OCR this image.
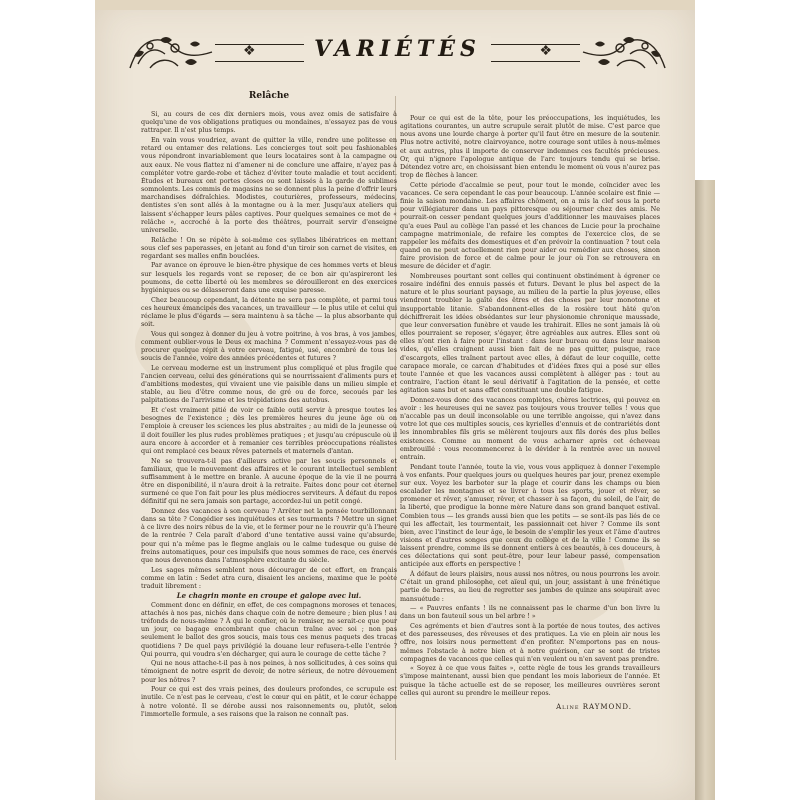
❖	❖
VARIÉTÉS
Relâche

Si, au cours de ces dix derniers mois, vous avez omis de satisfaire à quelqu'une de vos obligations pratiques ou mondaines, n'essayez pas de vous rattraper. Il n'est plus temps.

En vain vous voudriez, avant de quitter la ville, rendre une politesse en retard ou entamer des relations. Les concierges tout soit peu fashionables vous répondront invariablement que leurs locataires sont à la campagne ou aux eaux. Ne vous flattez ni d'amener ni de conclure une affaire, n'ayez pas à compléter votre garde-robe et tâchez d'éviter toute maladie et tout accident. Études et bureaux ont portes closes ou sont laissés à la garde de sublimes somnolents. Les commis de magasins ne se donnent plus la peine d'offrir leurs marchandises défraîchies. Modistes, couturières, professeurs, médecins, dentistes s'en sont allés à la montagne ou à la mer. Jusqu'aux ateliers qui laissent s'échapper leurs pâles captives. Pour quelques semaines ce mot de « relâche », accroché à la porte des théâtres, pourrait servir d'enseigne universelle.

Relâche ! On se répète à soi-même ces syllabes libératrices en mettant sous clef ses paperasses, en jetant au fond d'un tiroir son carnet de visites, en regardant ses malles enfin bouclées.

Par avance on éprouve le bien-être physique de ces hommes verts et bleus sur lesquels les regards vont se reposer, de ce bon air qu'aspireront les poumons, de cette liberté où les membres se dérouilleront en des exercices hygiéniques ou se délasseront dans une exquise paresse.

Chez beaucoup cependant, la détente ne sera pas complète, et parmi tous ces heureux émancipés des vacances, un travailleur — le plus utile et celui qui réclame le plus d'égards — sera maintenu à sa tâche — la plus absorbante qui soit.

Vous qui songez à donner du jeu à votre poitrine, à vos bras, à vos jambes, comment oublier-vous le Deus ex machina ? Comment n'essayez-vous pas de procurer quelque répit à votre cerveau, fatigué, usé, encombré de tous les soucis de l'année, voire des années précédentes et futures ?

Le cerveau moderne est un instrument plus compliqué et plus fragile que l'ancien cerveau, celui des générations qui se nourrissaient d'aliments purs et d'ambitions modestes, qui vivaient une vie paisible dans un milieu simple et stable, au lieu d'être comme nous, de gré ou de force, secoués par les palpitations de l'arrivisme et les trépidations des autobus.

Et c'est vraiment pitié de voir ce faible outil servir à presque toutes les besognes de l'existence ; dès les premières heures du jeune âge où on l'emploie à creuser les sciences les plus abstraites ; au midi de la jeunesse où il doit fouiller les plus rudes problèmes pratiques ; et jusqu'au crépuscule où il aura encore à accorder et à remanier ces terribles préoccupations réalistes qui ont remplacé ces beaux rêves paternels et maternels d'antan.

Ne se trouvera-t-il pas d'ailleurs active par les soucis personnels et familiaux, que le mouvement des affaires et le courant intellectuel semblent suffisamment à le mettre en branle. À aucune époque de la vie il ne pourra être en disponibilité, il n'aura droit à la retraite. Faites donc pour cet éternel surmené ce que l'on fait pour les plus médiocres serviteurs. À défaut du repos définitif qui ne sera jamais son partage, accordez-lui un petit congé.

Donnez des vacances à son cerveau ? Arrêter net la pensée tourbillonnant dans sa tête ? Congédier ses inquiétudes et ses tourments ? Mettre un signet à ce livre des noirs rébus de la vie, et le fermer pour ne le rouvrir qu'à l'heure de la rentrée ? Cela paraît d'abord d'une tentative aussi vaine qu'absurde, pour qui n'a même pas le flegme anglais ou le calme tudesque ou guise de freins automatiques, pour ces impulsifs que nous sommes de race, ces énervés que nous devenons dans l'atmosphère excitante du siècle.

Les sages mêmes semblent nous décourager de cet effort, en français comme en latin : Sedet atra cura, disaient les anciens, maxime que le poète traduit librement :

Le chagrin monte en croupe et galope avec lui.

Comment donc en définir, en effet, de ces compagnons moroses et tenaces, attachés à nos pas, nichés dans chaque coin de notre demeure ; bien plus ! au tréfonds de nous-même ? À qui le confier, où le remiser, ne serait-ce que pour un jour, ce bagage encombrant que chacun traîne avec soi ; non pas seulement le ballot des gros soucis, mais tous ces menus paquets des tracas quotidiens ? De quel pays privilégié la douane leur refusera-t-elle l'entrée ? Qui pourra, qui voudra s'en décharger, qui aura le courage de cette tâche ?

Qui ne nous attache-t-il pas à nos peines, à nos sollicitudes, à ces soins qui témoignent de notre esprit de devoir, de notre sérieux, de notre dévouement pour les nôtres ?

Pour ce qui est des vrais peines, des douleurs profondes, ce scrupule est inutile. Ce n'est pas le cerveau, c'est le cœur qui en pâtit, et le cœur échappe à notre volonté. Il se dérobe aussi nos raisonnements ou, plutôt, selon l'immortelle formule, a ses raisons que la raison ne connaît pas.

Pour ce qui est de la tête, pour les préoccupations, les inquiétudes, les agitations courantes, un autre scrupule serait plutôt de mise. C'est parce que nous avons une lourde charge à porter qu'il faut être en mesure de la soutenir. Plus notre activité, notre clairvoyance, notre courage sont utiles à nous-mêmes et aux autres, plus il importe de conserver indemnes ces facultés précieuses. Or, qui n'ignore l'apologue antique de l'arc toujours tendu qui se brise. Détendez votre arc, en choisissant bien entendu le moment où vous n'aurez pas trop de flèches à lancer.

Cette période d'accalmie se peut, pour tout le monde, coïncider avec les vacances. Ce sera cependant le cas pour beaucoup. L'année scolaire est finie — finie la saison mondaine. Les affaires chôment, on a mis la clef sous la porte pour villégiaturer dans un pays pittoresque ou séjourner chez des amis. Ne pourrait-on cesser pendant quelques jours d'additionner les mauvaises places qu'a eues Paul au collège l'an passé et les chances de Lucie pour la prochaine campagne matrimoniale, de refaire les comptes de l'exercice clos, de se rappeler les méfaits des domestiques et d'en prévoir la continuation ? tout cela quand on ne peut actuellement rien pour aider ou remédier aux choses, sinon faire provision de force et de calme pour le jour où l'on se retrouvera en mesure de décider et d'agir.

Nombreuses pourtant sont celles qui continuent obstinément à égrener ce rosaire indéfini des ennuis passés et futurs. Devant le plus bel aspect de la nature et le plus souriant paysage, au milieu de la partie la plus joyeuse, elles viendront troubler la gaîté des êtres et des choses par leur monotone et insupportable litanie. S'abandonnent-elles de la rosière tout hâté qu'on déchiffrerait les idées obsédantes sur leur physionomie chronique maussade, que leur conversation funèbre et vaude les trahirait. Elles ne sont jamais là où elles pourraient se reposer, s'égayer, être agréables aux autres. Elles sont où elles n'ont rien à faire pour l'instant : dans leur bureau ou dans leur maison vides, qu'elles craignent aussi bien fait de ne pas quitter, puisque, race d'escargots, elles traînent partout avec elles, à défaut de leur coquille, cette carapace morale, ce carcan d'habitudes et d'idées fixes qui a posé sur elles toute l'année et que les vacances aussi complètent à alléger pas : tout au contraire, l'action étant le seul dérivatif à l'agitation de la pensée, et cette agitation sans but et sans effet constituant une double fatigue.

Donnez-vous donc des vacances complètes, chères lectrices, qui pouvez en avoir : les heureuses qui ne savez pas toujours vous trouver telles ! vous que n'accable pas un deuil inconsolable ou une terrible angoisse, qui n'avez dans votre lot que ces multiples soucis, ces kyrielles d'ennuis et de contrariétés dont les innombrables fils gris se mêlèrent toujours aux fils dorés des plus belles existences. Comme au moment de vous acharner après cet écheveau embrouillé : vous recommencerez à le dévider à la rentrée avec un nouvel entrain.

Pendant toute l'année, toute la vie, vous vous appliquez à donner l'exemple à vos enfants. Pour quelques jours ou quelques heures par jour, prenez exemple sur eux. Voyez les barboter sur la plage et courir dans les champs ou bien escalader les montagnes et se livrer à tous les sports, jouer et rêver, se promener et rêver, s'amuser, rêver, et chasser à sa façon, du soleil, de l'air, de la liberté, que prodigue la bonne mère Nature dans son grand banquet estival. Combien tous — les grands aussi bien que les petits — se sont-ils pas liés de ce qui les affectait, les tourmentait, les passionnait cet hiver ? Comme ils sont bien, avec l'instinct de leur âge, le besoin de s'emplir les yeux et l'âme d'autres visions et d'autres songes que ceux du collège et de la ville ! Comme ils se laissent prendre, comme ils se donnent entiers à ces beautés, à ces douceurs, à ces délectations qui sont peut-être, pour leur labeur passé, compensation anticipée aux efforts en perspective !

À défaut de leurs plaisirs, nous aussi nos nôtres, ou nous pourrons les avoir. C'était un grand philosophe, cet aïeul qui, un jour, assistant à une frénétique partie de barres, au lieu de regretter ses jambes de quinze ans soupirait avec mansuétude :

— « Pauvres enfants ! ils ne connaissent pas le charme d'un bon livre lu dans un bon fauteuil sous un bel arbre ! »

Ces agréments et bien d'autres sont à la portée de nous toutes, des actives et des paresseuses, des rêveuses et des pratiques. La vie en plein air nous les offre, nos loisirs nous permettent d'en profiter. N'emportons pas en nous-mêmes l'obstacle à notre bien et à notre guérison, car se sont de tristes compagnes de vacances que celles qui n'en veulent ou n'en savent pas prendre.

« Soyez à ce que vous faites », cette règle de tous les grands travailleurs s'impose maintenant, aussi bien que pendant les mois laborieux de l'année. Et puisque la tâche actuelle est de se reposer, les meilleures ouvrières seront celles qui auront su prendre le meilleur repos.

Aline RAYMOND.
